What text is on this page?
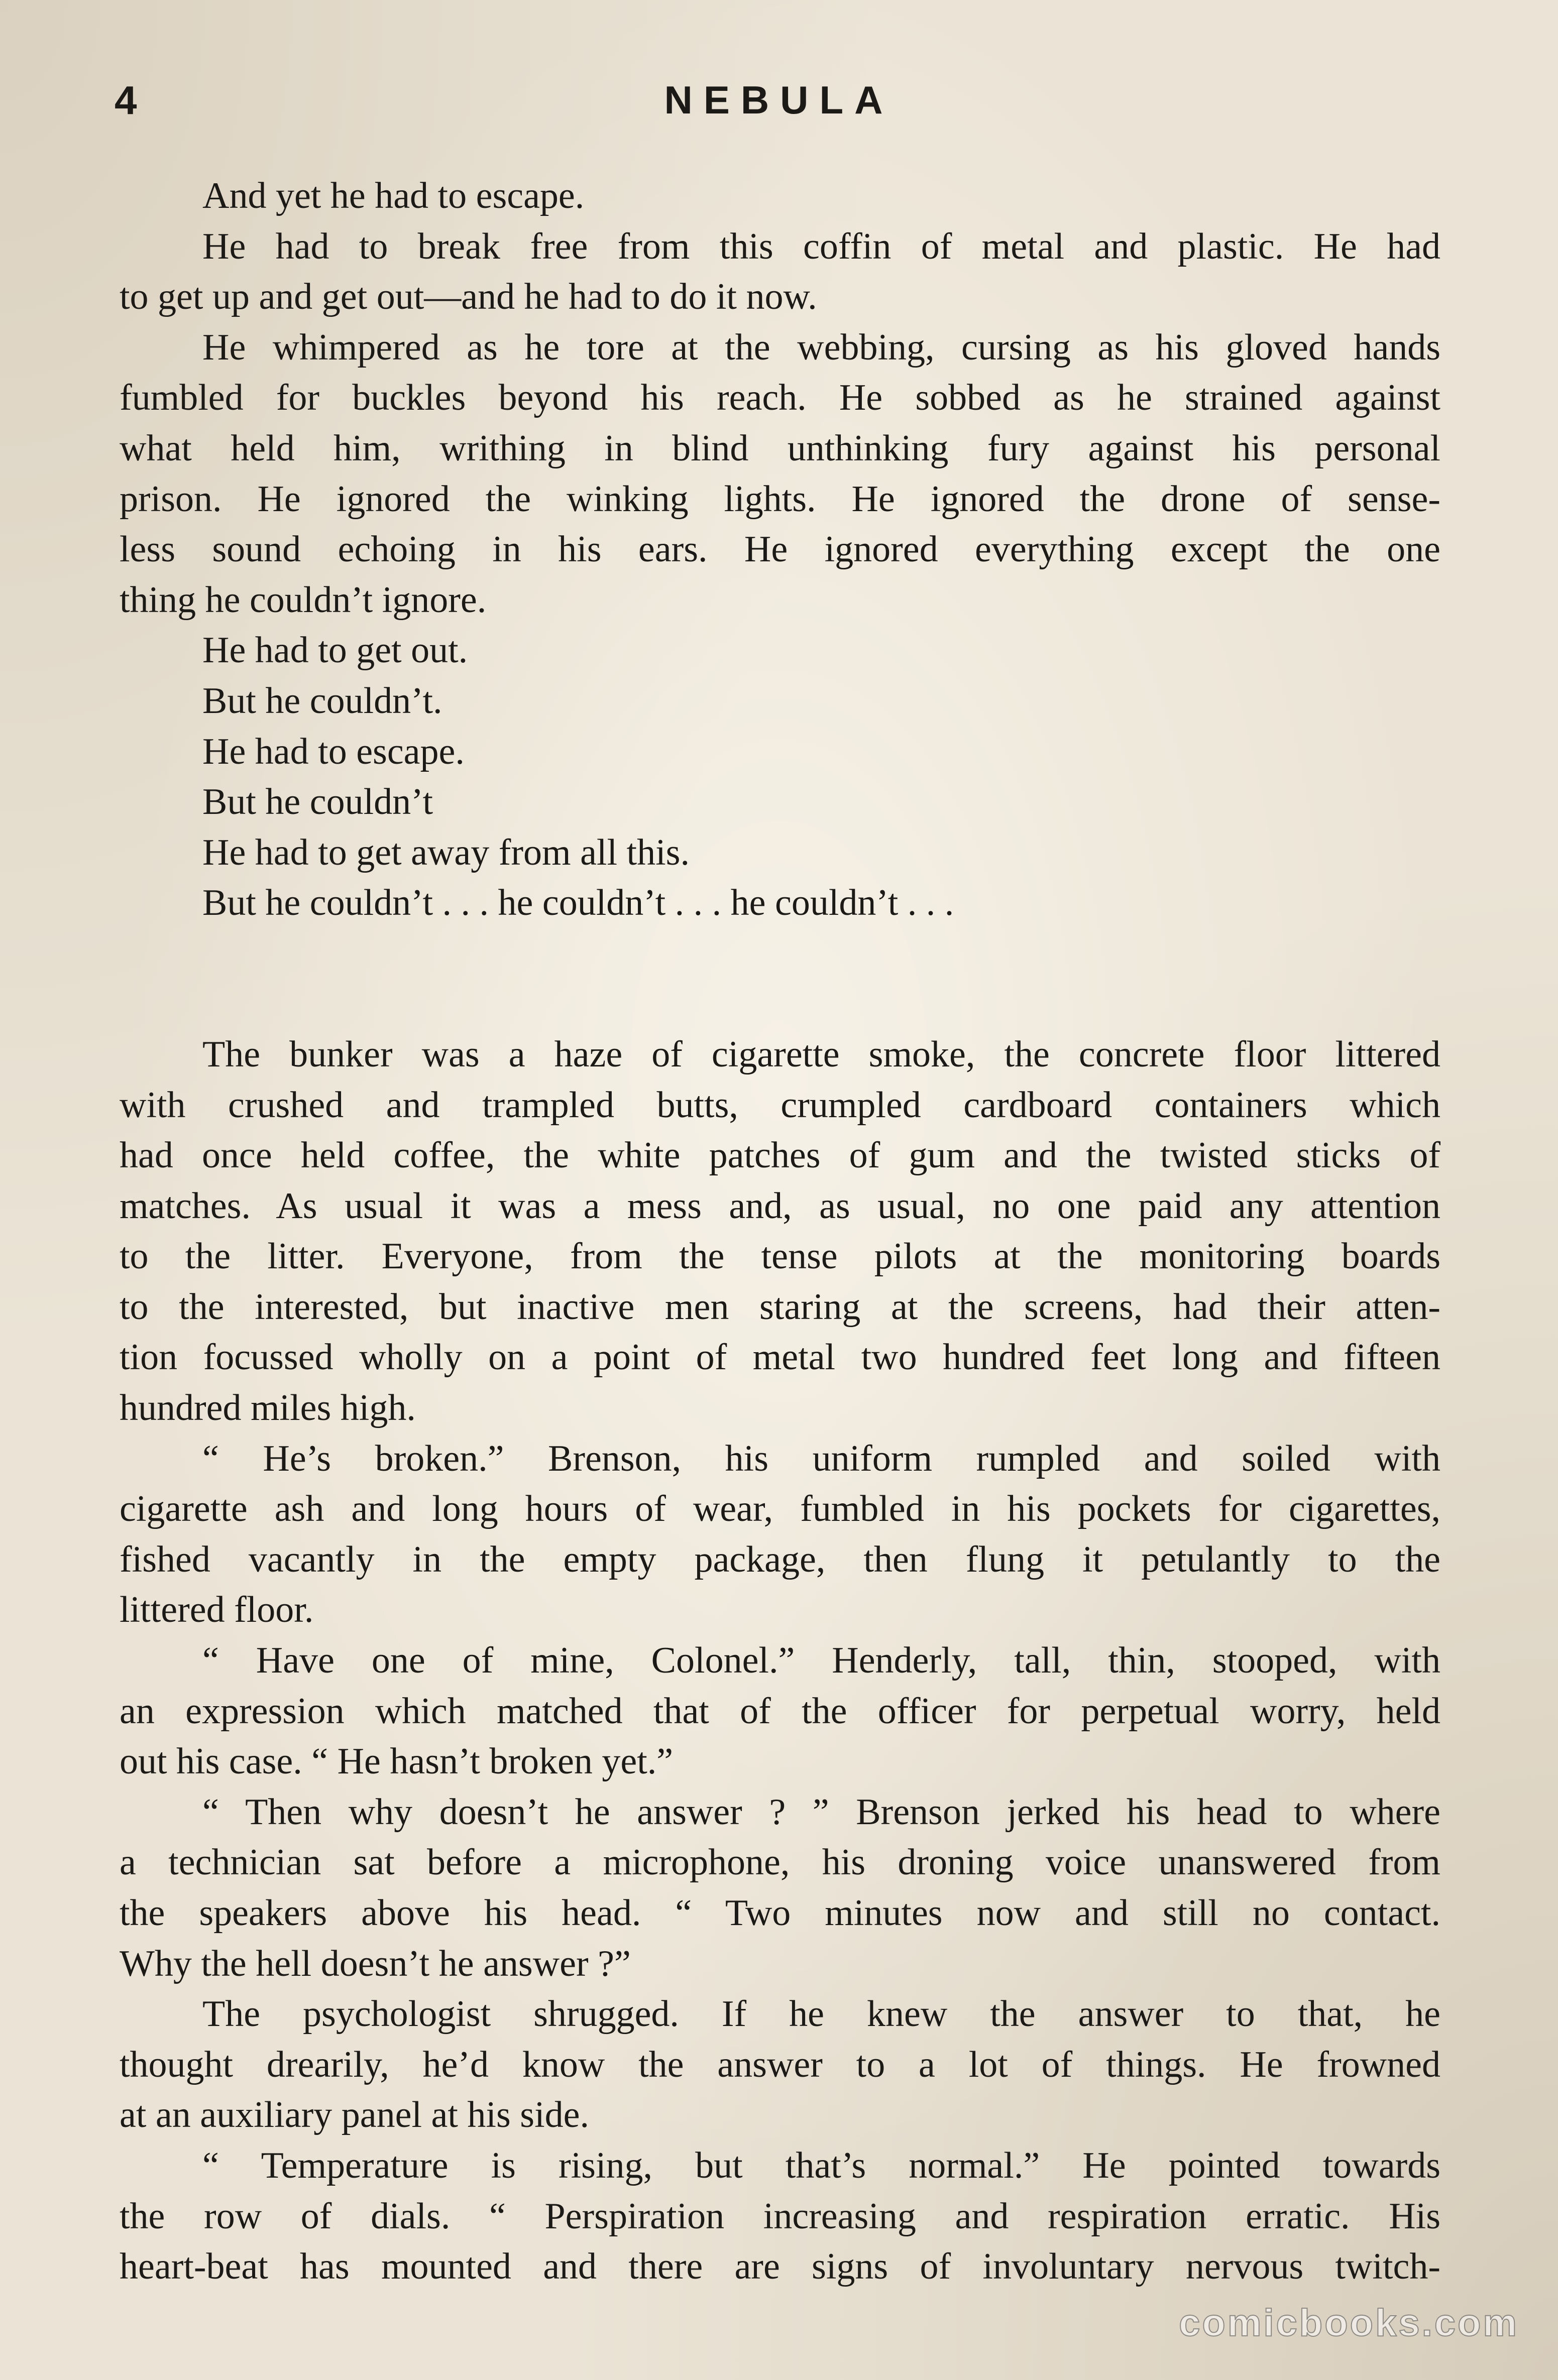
4	NEBULA
And yet he had to escape.
He had to break free from this coffin of metal and plastic. He had
to get up and get out—and he had to do it now.
He whimpered as he tore at the webbing, cursing as his gloved hands
fumbled for buckles beyond his reach. He sobbed as he strained against
what held him, writhing in blind unthinking fury against his personal
prison. He ignored the winking lights. He ignored the drone of sense-
less sound echoing in his ears. He ignored everything except the one
thing he couldn’t ignore.
He had to get out.
But he couldn’t.
He had to escape.
But he couldn’t
He had to get away from all this.
But he couldn’t . . . he couldn’t . . . he couldn’t . . .
The bunker was a haze of cigarette smoke, the concrete floor littered
with crushed and trampled butts, crumpled cardboard containers which
had once held coffee, the white patches of gum and the twisted sticks of
matches. As usual it was a mess and, as usual, no one paid any attention
to the litter. Everyone, from the tense pilots at the monitoring boards
to the interested, but inactive men staring at the screens, had their atten-
tion focussed wholly on a point of metal two hundred feet long and fifteen
hundred miles high.
“ He’s broken.” Brenson, his uniform rumpled and soiled with
cigarette ash and long hours of wear, fumbled in his pockets for cigarettes,
fished vacantly in the empty package, then flung it petulantly to the
littered floor.
“ Have one of mine, Colonel.” Henderly, tall, thin, stooped, with
an expression which matched that of the officer for perpetual worry, held
out his case. “ He hasn’t broken yet.”
“ Then why doesn’t he answer ? ” Brenson jerked his head to where
a technician sat before a microphone, his droning voice unanswered from
the speakers above his head. “ Two minutes now and still no contact.
Why the hell doesn’t he answer ?”
The psychologist shrugged. If he knew the answer to that, he
thought drearily, he’d know the answer to a lot of things. He frowned
at an auxiliary panel at his side.
“ Temperature is rising, but that’s normal.” He pointed towards
the row of dials. “ Perspiration increasing and respiration erratic. His
heart-beat has mounted and there are signs of involuntary nervous twitch-
comicbooks.com
